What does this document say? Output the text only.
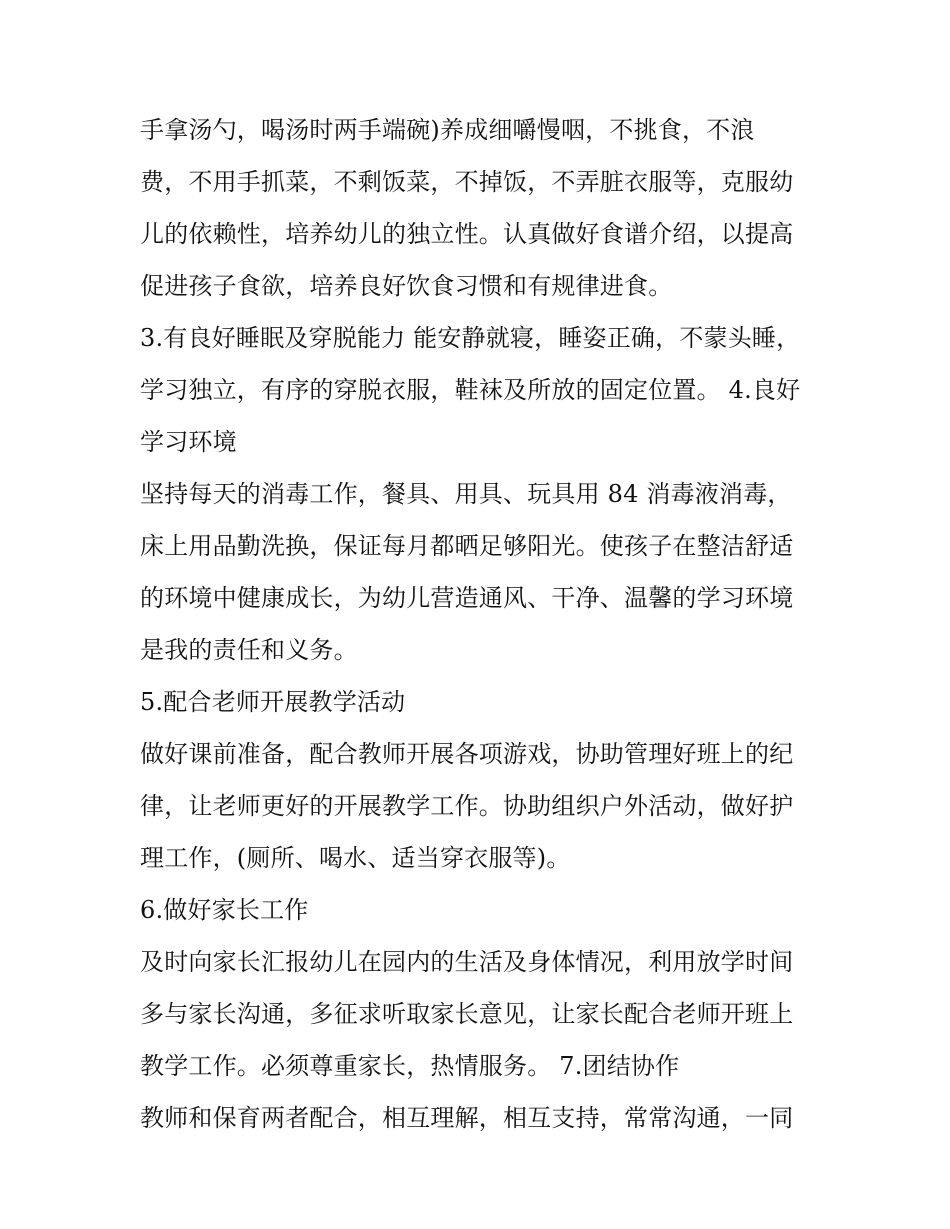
手拿汤勺，喝汤时两手端碗)养成细嚼慢咽，不挑食，不浪
费，不用手抓菜，不剩饭菜，不掉饭，不弄脏衣服等，克服幼
儿的依赖性，培养幼儿的独立性。认真做好食谱介绍，以提高
促进孩子食欲，培养良好饮食习惯和有规律进食。
3.有良好睡眠及穿脱能力 能安静就寝，睡姿正确，不蒙头睡，
学习独立，有序的穿脱衣服，鞋袜及所放的固定位置。 4.良好
学习环境
坚持每天的消毒工作，餐具、用具、玩具用 84 消毒液消毒，
床上用品勤洗换，保证每月都晒足够阳光。使孩子在整洁舒适
的环境中健康成长，为幼儿营造通风、干净、温馨的学习环境
是我的责任和义务。
5.配合老师开展教学活动
做好课前准备，配合教师开展各项游戏，协助管理好班上的纪
律，让老师更好的开展教学工作。协助组织户外活动，做好护
理工作，(厕所、喝水、适当穿衣服等)。
6.做好家长工作
及时向家长汇报幼儿在园内的生活及身体情况，利用放学时间
多与家长沟通，多征求听取家长意见，让家长配合老师开班上
教学工作。必须尊重家长，热情服务。 7.团结协作
教师和保育两者配合，相互理解，相互支持，常常沟通，一同
